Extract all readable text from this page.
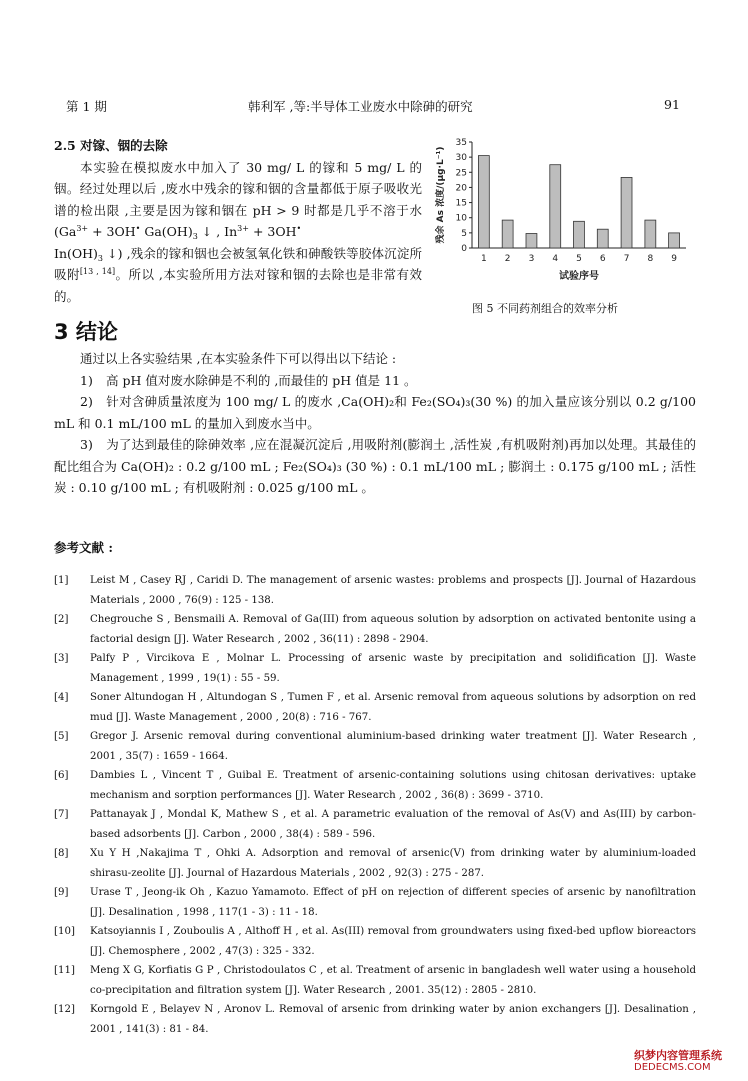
第 1 期	韩利军 ,等:半导体工业废水中除砷的研究	91
2.5 对镓、铟的去除
本实验在模拟废水中加入了 30 mg/ L 的镓和 5 mg/ L 的铟。经过处理以后 ,废水中残余的镓和铟的含量都低于原子吸收光谱的检出限 ,主要是因为镓和铟在 pH > 9 时都是几乎不溶于水 ($Ga^{3+} + 3OH^•$ $Ga(OH)_3$ ↓ , $In^{3+} + 3OH^•$
$In(OH)_3$ ↓) ,残余的镓和铟也会被氢氧化铁和砷酸铁等胶体沉淀所吸附[13 , 14]。所以 ,本实验所用方法对镓和铟的去除也是非常有效的。
0
5
10
15
20
25
30
35
1 2 3 4 5 6 7 8 9
试验序号
残余 As 浓度/(µg·L⁻¹)
图 5 不同药剂组合的效率分析
3 结论

通过以上各实验结果 ,在本实验条件下可以得出以下结论 :

1) 高 pH 值对废水除砷是不利的 ,而最佳的 pH 值是 11 。

2) 针对含砷质量浓度为 100 mg/ L 的废水 ,Ca(OH)₂和 Fe₂(SO₄)₃(30 %) 的加入量应该分别以 0.2 g/100 mL 和 0.1 mL/100 mL 的量加入到废水当中。

3) 为了达到最佳的除砷效率 ,应在混凝沉淀后 ,用吸附剂(膨润土 ,活性炭 ,有机吸附剂)再加以处理。其最佳的配比组合为 Ca(OH)₂ : 0.2 g/100 mL ; Fe₂(SO₄)₃ (30 %) : 0.1 mL/100 mL ; 膨润土 : 0.175 g/100 mL ; 活性炭 : 0.10 g/100 mL ; 有机吸附剂 : 0.025 g/100 mL 。

参考文献 :
[1]	Leist M , Casey RJ , Caridi D. The management of arsenic wastes: problems and prospects [J]. Journal of Hazardous Materials , 2000 , 76(9) : 125 - 138.
[2]	Chegrouche S , Bensmaili A. Removal of Ga(III) from aqueous solution by adsorption on activated bentonite using a factorial design [J]. Water Research , 2002 , 36(11) : 2898 - 2904.
[3]	Palfy P , Vircikova E , Molnar L. Processing of arsenic waste by precipitation and solidification [J]. Waste Management , 1999 , 19(1) : 55 - 59.
[4]	Soner Altundogan H , Altundogan S , Tumen F , et al. Arsenic removal from aqueous solutions by adsorption on red mud [J]. Waste Management , 2000 , 20(8) : 716 - 767.
[5]	Gregor J. Arsenic removal during conventional aluminium-based drinking water treatment [J]. Water Research , 2001 , 35(7) : 1659 - 1664.
[6]	Dambies L , Vincent T , Guibal E. Treatment of arsenic-containing solutions using chitosan derivatives: uptake mechanism and sorption performances [J]. Water Research , 2002 , 36(8) : 3699 - 3710.
[7]	Pattanayak J , Mondal K, Mathew S , et al. A parametric evaluation of the removal of As(V) and As(III) by carbon-based adsorbents [J]. Carbon , 2000 , 38(4) : 589 - 596.
[8]	Xu Y H ,Nakajima T , Ohki A. Adsorption and removal of arsenic(V) from drinking water by aluminium-loaded shirasu-zeolite [J]. Journal of Hazardous Materials , 2002 , 92(3) : 275 - 287.
[9]	Urase T , Jeong-ik Oh , Kazuo Yamamoto. Effect of pH on rejection of different species of arsenic by nanofiltration [J]. Desalination , 1998 , 117(1 - 3) : 11 - 18.
[10]	Katsoyiannis I , Zouboulis A , Althoff H , et al. As(III) removal from groundwaters using fixed-bed upflow bioreactors [J]. Chemosphere , 2002 , 47(3) : 325 - 332.
[11]	Meng X G, Korfiatis G P , Christodoulatos C , et al. Treatment of arsenic in bangladesh well water using a household co-precipitation and filtration system [J]. Water Research , 2001. 35(12) : 2805 - 2810.
[12]	Korngold E , Belayev N , Aronov L. Removal of arsenic from drinking water by anion exchangers [J]. Desalination , 2001 , 141(3) : 81 - 84.
织梦内容管理系统
DEDECMS.COM
